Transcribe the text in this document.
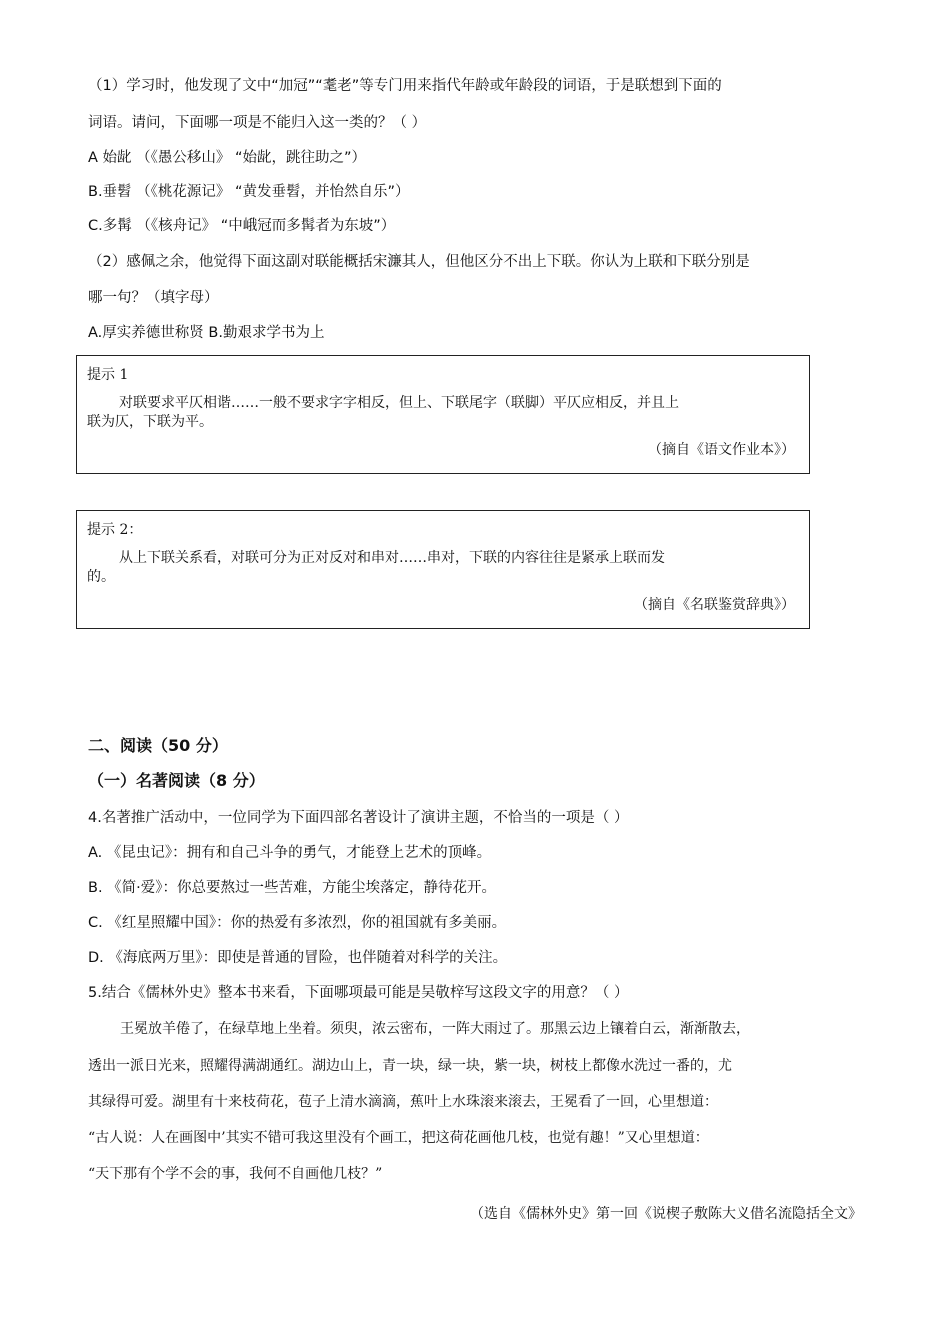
（1）学习时，他发现了文中“加冠”“耄老”等专门用来指代年龄或年龄段的词语，于是联想到下面的
词语。请问，下面哪一项是不能归入这一类的？（ ）
A 始龀 （《愚公移山》 “始龀，跳往助之”）
B.垂髫 （《桃花源记》 “黄发垂髫，并怡然自乐”）
C.多髯 （《核舟记》 “中峨冠而多髯者为东坡”）
（2）感佩之余，他觉得下面这副对联能概括宋濂其人，但他区分不出上下联。你认为上联和下联分别是
哪一句？（填字母）
A.厚实养德世称贤 B.勤艰求学书为上
提示 1
对联要求平仄相谐……一般不要求字字相反，但上、下联尾字（联脚）平仄应相反，并且上
联为仄，下联为平。
（摘自《语文作业本》）
提示 2：
从上下联关系看，对联可分为正对反对和串对……串对，下联的内容往往是紧承上联而发
的。
（摘自《名联鉴赏辞典》）
二、阅读（50 分）
（一）名著阅读（8 分）
4.名著推广活动中，一位同学为下面四部名著设计了演讲主题，不恰当的一项是（ ）
A. 《昆虫记》：拥有和自己斗争的勇气，才能登上艺术的顶峰。
B. 《简·爱》：你总要熬过一些苦难，方能尘埃落定，静待花开。
C. 《红星照耀中国》：你的热爱有多浓烈，你的祖国就有多美丽。
D. 《海底两万里》：即使是普通的冒险，也伴随着对科学的关注。
5.结合《儒林外史》整本书来看，下面哪项最可能是吴敬梓写这段文字的用意？（ ）
王冕放羊倦了，在绿草地上坐着。须臾，浓云密布，一阵大雨过了。那黑云边上镶着白云，渐渐散去，
透出一派日光来，照耀得满湖通红。湖边山上，青一块，绿一块，紫一块，树枝上都像水洗过一番的，尤
其绿得可爱。湖里有十来枝荷花，苞子上清水滴滴，蕉叶上水珠滚来滚去，王冕看了一回，心里想道：
“古人说：人在画图中’其实不错可我这里没有个画工，把这荷花画他几枝，也觉有趣！”又心里想道：
“天下那有个学不会的事，我何不自画他几枝？”
（选自《儒林外史》第一回《说楔子敷陈大义借名流隐括全文》
